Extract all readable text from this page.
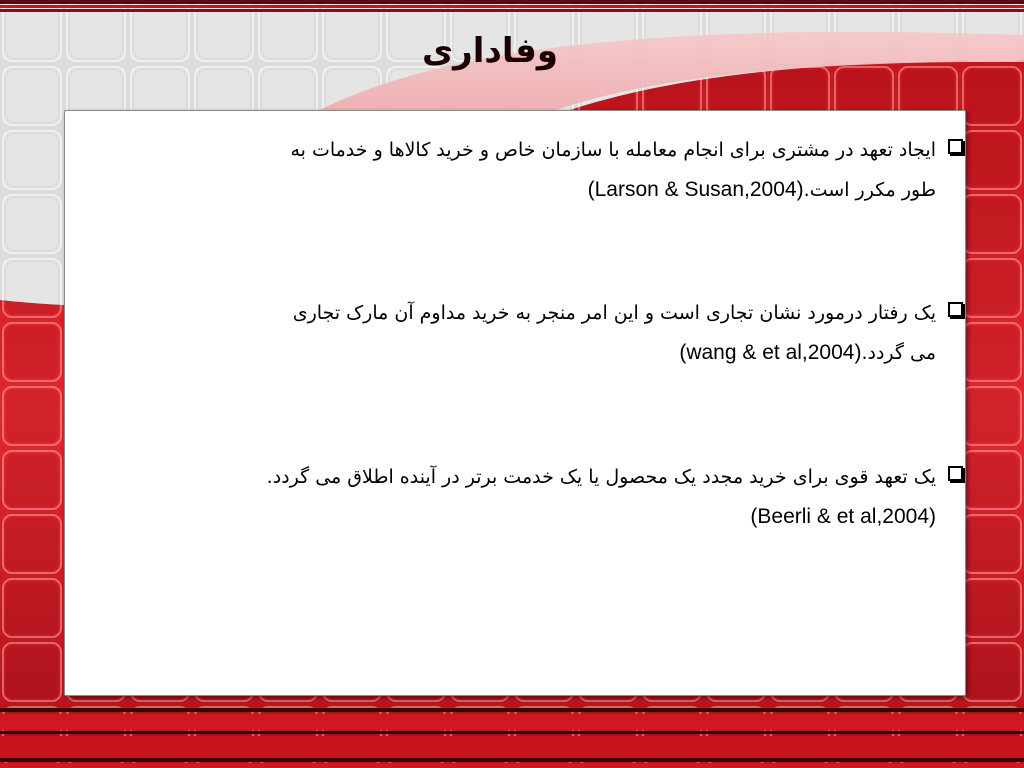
وفاداری

ایجاد تعهد در مشتری برای انجام معامله با سازمان خاص و خرید کالاها و خدمات به
طور مکرر است.(Larson & Susan,2004)

یک رفتار درمورد نشان تجاری است و این امر منجر به خرید مداوم آن مارک تجاری
می گردد.(wang & et al,2004)

یک تعهد قوی برای خرید مجدد یک محصول یا یک خدمت برتر در آینده اطلاق می گردد.
(Beerli & et al,2004)
